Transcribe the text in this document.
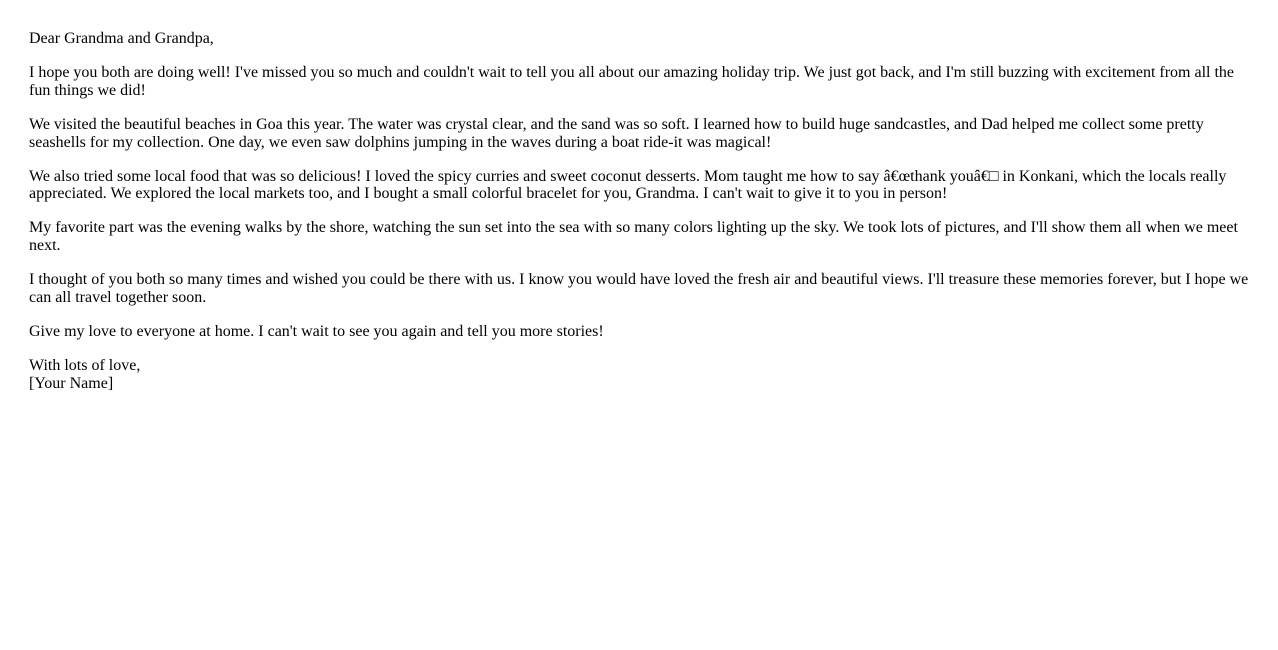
Dear Grandma and Grandpa,

I hope you both are doing well! I've missed you so much and couldn't wait to tell you all about our amazing holiday trip. We just got back, and I'm still buzzing with excitement from all the fun things we did!

We visited the beautiful beaches in Goa this year. The water was crystal clear, and the sand was so soft. I learned how to build huge sandcastles, and Dad helped me collect some pretty seashells for my collection. One day, we even saw dolphins jumping in the waves during a boat ride-it was magical!

We also tried some local food that was so delicious! I loved the spicy curries and sweet coconut desserts. Mom taught me how to say â€œthank youâ€□ in Konkani, which the locals really appreciated. We explored the local markets too, and I bought a small colorful bracelet for you, Grandma. I can't wait to give it to you in person!

My favorite part was the evening walks by the shore, watching the sun set into the sea with so many colors lighting up the sky. We took lots of pictures, and I'll show them all when we meet next.

I thought of you both so many times and wished you could be there with us. I know you would have loved the fresh air and beautiful views. I'll treasure these memories forever, but I hope we can all travel together soon.

Give my love to everyone at home. I can't wait to see you again and tell you more stories!

With lots of love,
[Your Name]
